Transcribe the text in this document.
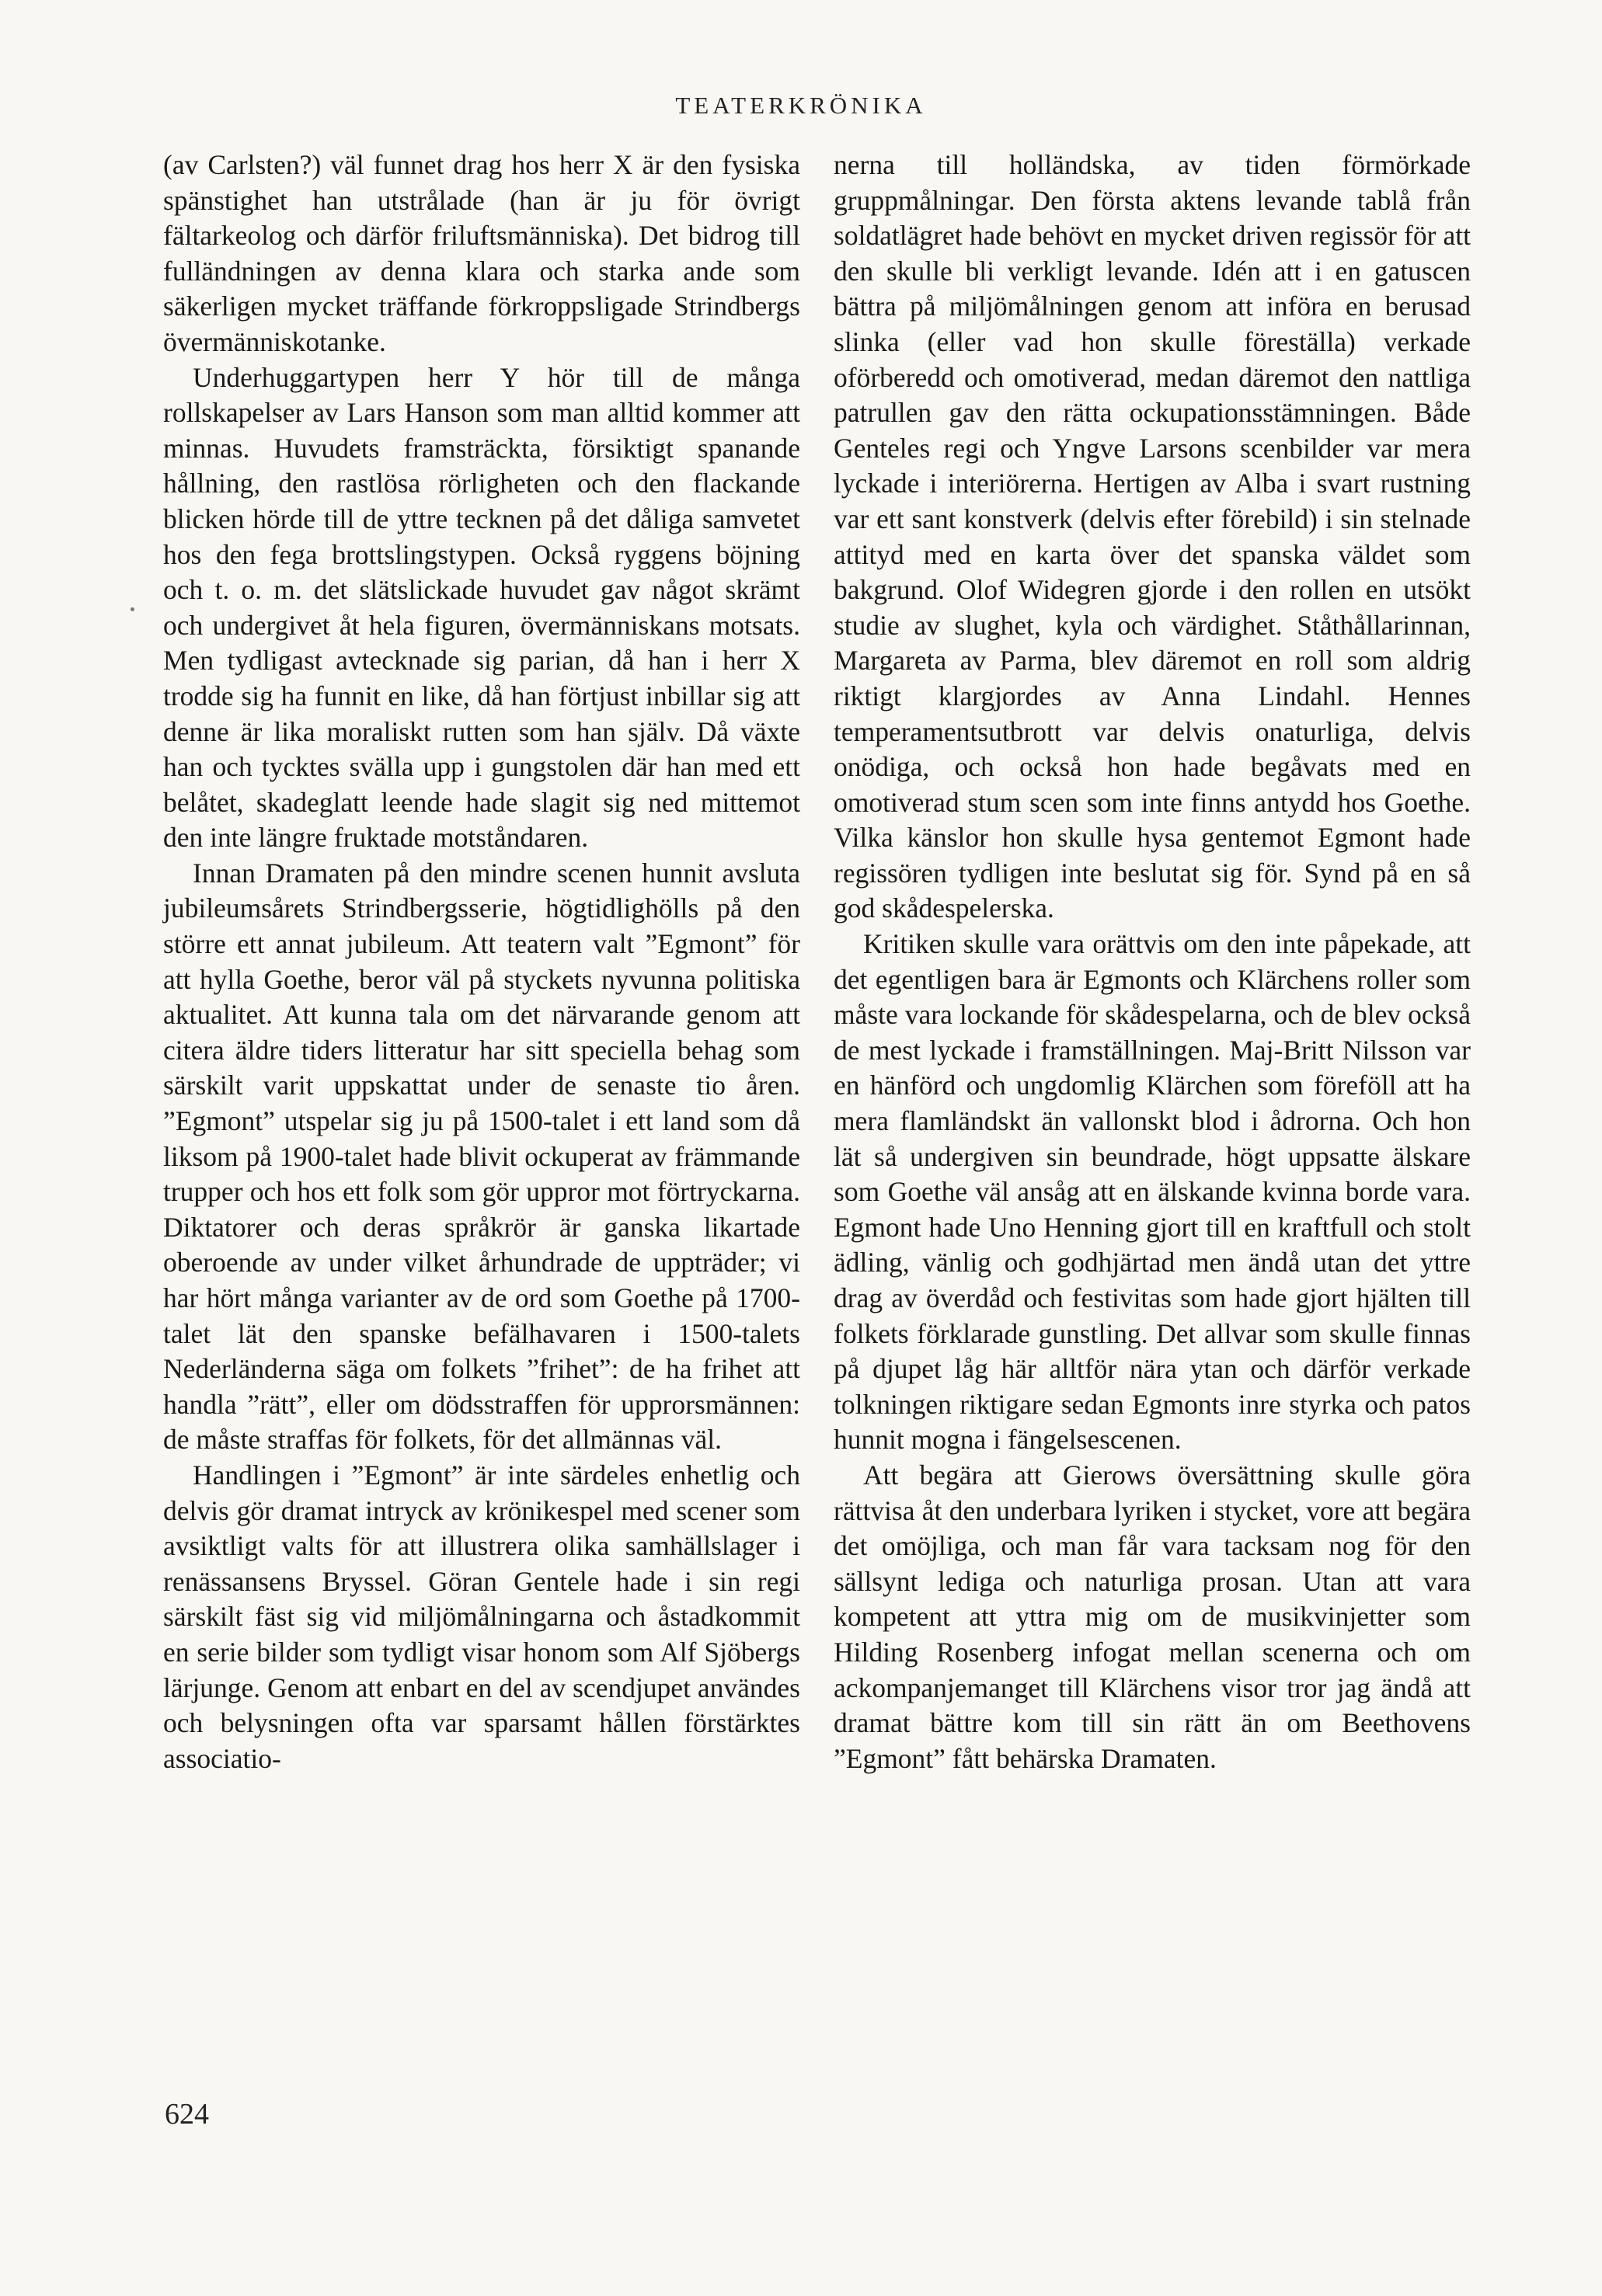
TEATERKRÖNIKA

(av Carlsten?) väl funnet drag hos herr X är den fysiska spänstighet han utstrålade (han är ju för övrigt fältarkeolog och därför friluftsmänniska). Det bidrog till fulländningen av denna klara och starka ande som säkerligen mycket träffande förkroppsligade Strindbergs övermänniskotanke.

Underhuggartypen herr Y hör till de många rollskapelser av Lars Hanson som man alltid kommer att minnas. Huvudets framsträckta, försiktigt spanande hållning, den rastlösa rörligheten och den flackande blicken hörde till de yttre tecknen på det dåliga samvetet hos den fega brottslingstypen. Också ryggens böjning och t. o. m. det slätslickade huvudet gav något skrämt och undergivet åt hela figuren, övermänniskans motsats. Men tydligast avtecknade sig parian, då han i herr X trodde sig ha funnit en like, då han förtjust inbillar sig att denne är lika moraliskt rutten som han själv. Då växte han och tycktes svälla upp i gungstolen där han med ett belåtet, skadeglatt leende hade slagit sig ned mittemot den inte längre fruktade motståndaren.

Innan Dramaten på den mindre scenen hunnit avsluta jubileumsårets Strindbergsserie, högtidlighölls på den större ett annat jubileum. Att teatern valt ”Egmont” för att hylla Goethe, beror väl på styckets nyvunna politiska aktualitet. Att kunna tala om det närvarande genom att citera äldre tiders litteratur har sitt speciella behag som särskilt varit uppskattat under de senaste tio åren. ”Egmont” utspelar sig ju på 1500-talet i ett land som då liksom på 1900-talet hade blivit ockuperat av främmande trupper och hos ett folk som gör uppror mot förtryckarna. Diktatorer och deras språkrör är ganska likartade oberoende av under vilket århundrade de uppträder; vi har hört många varianter av de ord som Goethe på 1700-talet lät den spanske befälhavaren i 1500-talets Nederländerna säga om folkets ”frihet”: de ha frihet att handla ”rätt”, eller om dödsstraffen för upprorsmännen: de måste straffas för folkets, för det allmännas väl.

Handlingen i ”Egmont” är inte särdeles enhetlig och delvis gör dramat intryck av krönikespel med scener som avsiktligt valts för att illustrera olika samhällslager i renässansens Bryssel. Göran Gentele hade i sin regi särskilt fäst sig vid miljömålningarna och åstadkommit en serie bilder som tydligt visar honom som Alf Sjöbergs lärjunge. Genom att enbart en del av scendjupet användes och belysningen ofta var sparsamt hållen förstärktes associatio-

nerna till holländska, av tiden förmörkade gruppmålningar. Den första aktens levande tablå från soldatlägret hade behövt en mycket driven regissör för att den skulle bli verkligt levande. Idén att i en gatuscen bättra på miljömålningen genom att införa en berusad slinka (eller vad hon skulle föreställa) verkade oförberedd och omotiverad, medan däremot den nattliga patrullen gav den rätta ockupationsstämningen. Både Genteles regi och Yngve Larsons scenbilder var mera lyckade i interiörerna. Hertigen av Alba i svart rustning var ett sant konstverk (delvis efter förebild) i sin stelnade attityd med en karta över det spanska väldet som bakgrund. Olof Widegren gjorde i den rollen en utsökt studie av slughet, kyla och värdighet. Ståthållarinnan, Margareta av Parma, blev däremot en roll som aldrig riktigt klargjordes av Anna Lindahl. Hennes temperamentsutbrott var delvis onaturliga, delvis onödiga, och också hon hade begåvats med en omotiverad stum scen som inte finns antydd hos Goethe. Vilka känslor hon skulle hysa gentemot Egmont hade regissören tydligen inte beslutat sig för. Synd på en så god skådespelerska.

Kritiken skulle vara orättvis om den inte påpekade, att det egentligen bara är Egmonts och Klärchens roller som måste vara lockande för skådespelarna, och de blev också de mest lyckade i framställningen. Maj-Britt Nilsson var en hänförd och ungdomlig Klärchen som föreföll att ha mera flamländskt än vallonskt blod i ådrorna. Och hon lät så undergiven sin beundrade, högt uppsatte älskare som Goethe väl ansåg att en älskande kvinna borde vara. Egmont hade Uno Henning gjort till en kraftfull och stolt ädling, vänlig och godhjärtad men ändå utan det yttre drag av överdåd och festivitas som hade gjort hjälten till folkets förklarade gunstling. Det allvar som skulle finnas på djupet låg här alltför nära ytan och därför verkade tolkningen riktigare sedan Egmonts inre styrka och patos hunnit mogna i fängelsescenen.

Att begära att Gierows översättning skulle göra rättvisa åt den underbara lyriken i stycket, vore att begära det omöjliga, och man får vara tacksam nog för den sällsynt lediga och naturliga prosan. Utan att vara kompetent att yttra mig om de musikvinjetter som Hilding Rosenberg infogat mellan scenerna och om ackompanjemanget till Klärchens visor tror jag ändå att dramat bättre kom till sin rätt än om Beethovens ”Egmont” fått behärska Dramaten.

624
